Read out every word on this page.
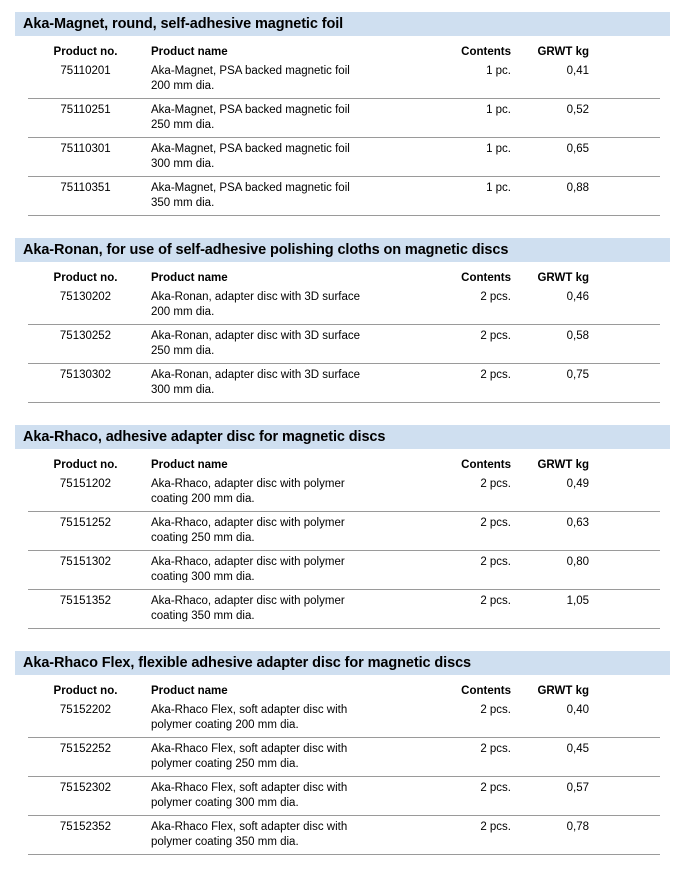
Aka-Magnet, round, self-adhesive magnetic foil
Product no.	Product name	Contents	GRWT kg	
75110201	Aka-Magnet, PSA backed magnetic foil
200 mm dia.	1 pc.	0,41	
75110251	Aka-Magnet, PSA backed magnetic foil
250 mm dia.	1 pc.	0,52	
75110301	Aka-Magnet, PSA backed magnetic foil
300 mm dia.	1 pc.	0,65	
75110351	Aka-Magnet, PSA backed magnetic foil
350 mm dia.	1 pc.	0,88	

Aka-Ronan, for use of self-adhesive polishing cloths on magnetic discs
Product no.	Product name	Contents	GRWT kg	
75130202	Aka-Ronan, adapter disc with 3D surface
200 mm dia.	2 pcs.	0,46	
75130252	Aka-Ronan, adapter disc with 3D surface
250 mm dia.	2 pcs.	0,58	
75130302	Aka-Ronan, adapter disc with 3D surface
300 mm dia.	2 pcs.	0,75	

Aka-Rhaco, adhesive adapter disc for magnetic discs
Product no.	Product name	Contents	GRWT kg	
75151202	Aka-Rhaco, adapter disc with polymer
coating 200 mm dia.	2 pcs.	0,49	
75151252	Aka-Rhaco, adapter disc with polymer
coating 250 mm dia.	2 pcs.	0,63	
75151302	Aka-Rhaco, adapter disc with polymer
coating 300 mm dia.	2 pcs.	0,80	
75151352	Aka-Rhaco, adapter disc with polymer
coating 350 mm dia.	2 pcs.	1,05	

Aka-Rhaco Flex, flexible adhesive adapter disc for magnetic discs
Product no.	Product name	Contents	GRWT kg	
75152202	Aka-Rhaco Flex, soft adapter disc with
polymer coating 200 mm dia.	2 pcs.	0,40	
75152252	Aka-Rhaco Flex, soft adapter disc with
polymer coating 250 mm dia.	2 pcs.	0,45	
75152302	Aka-Rhaco Flex, soft adapter disc with
polymer coating 300 mm dia.	2 pcs.	0,57	
75152352	Aka-Rhaco Flex, soft adapter disc with
polymer coating 350 mm dia.	2 pcs.	0,78	
